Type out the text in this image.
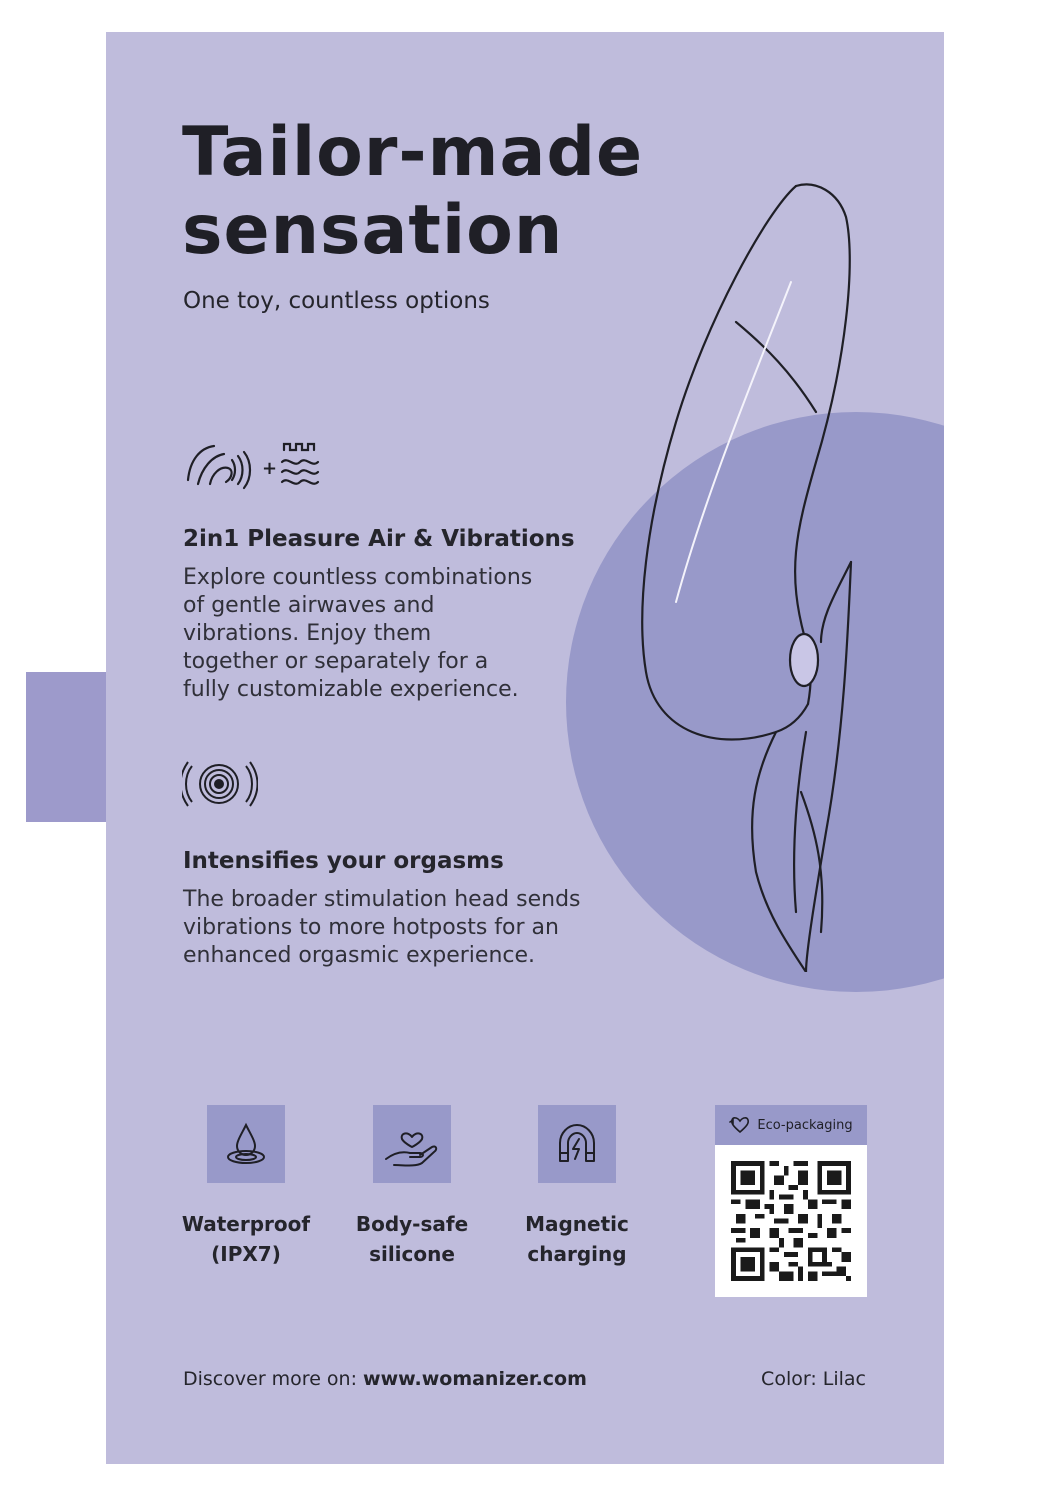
Tailor-made
sensation
One toy, countless options
+
2in1 Pleasure Air & Vibrations
Explore countless combinations
of gentle airwaves and
vibrations. Enjoy them
together or separately for a
fully customizable experience.
Intensifies your orgasms
The broader stimulation head sends
vibrations to more hotposts for an
enhanced orgasmic experience.
Waterproof
(IPX7)
Body-safe
silicone
Magnetic
charging
Eco-packaging
Discover more on: www.womanizer.com	Color: Lilac
